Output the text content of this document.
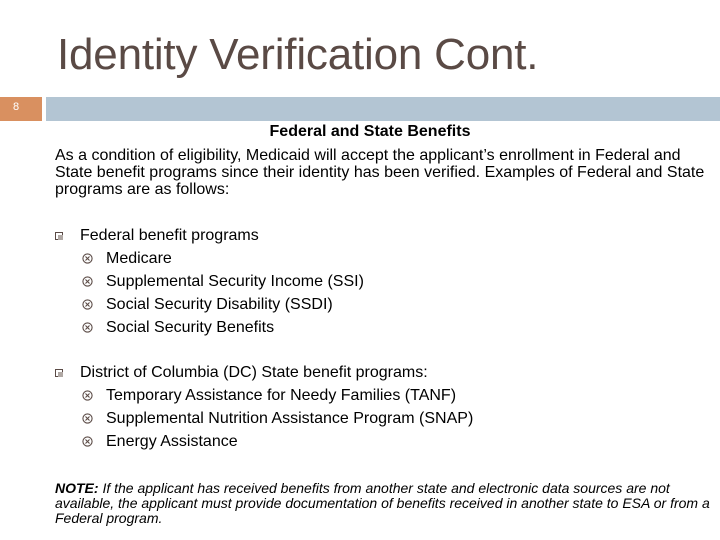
Identity Verification Cont.
8
Federal and State Benefits

As a condition of eligibility, Medicaid will accept the applicant’s enrollment in Federal and State benefit programs since their identity has been verified. Examples of Federal and State programs are as follows:

Federal benefit programs
Medicare
Supplemental Security Income (SSI)
Social Security Disability (SSDI)
Social Security Benefits
District of Columbia (DC) State benefit programs:
Temporary Assistance for Needy Families (TANF)
Supplemental Nutrition Assistance Program (SNAP)
Energy Assistance

NOTE: If the applicant has received benefits from another state and electronic data sources are not available, the applicant must provide documentation of benefits received in another state to ESA or from a Federal program.
